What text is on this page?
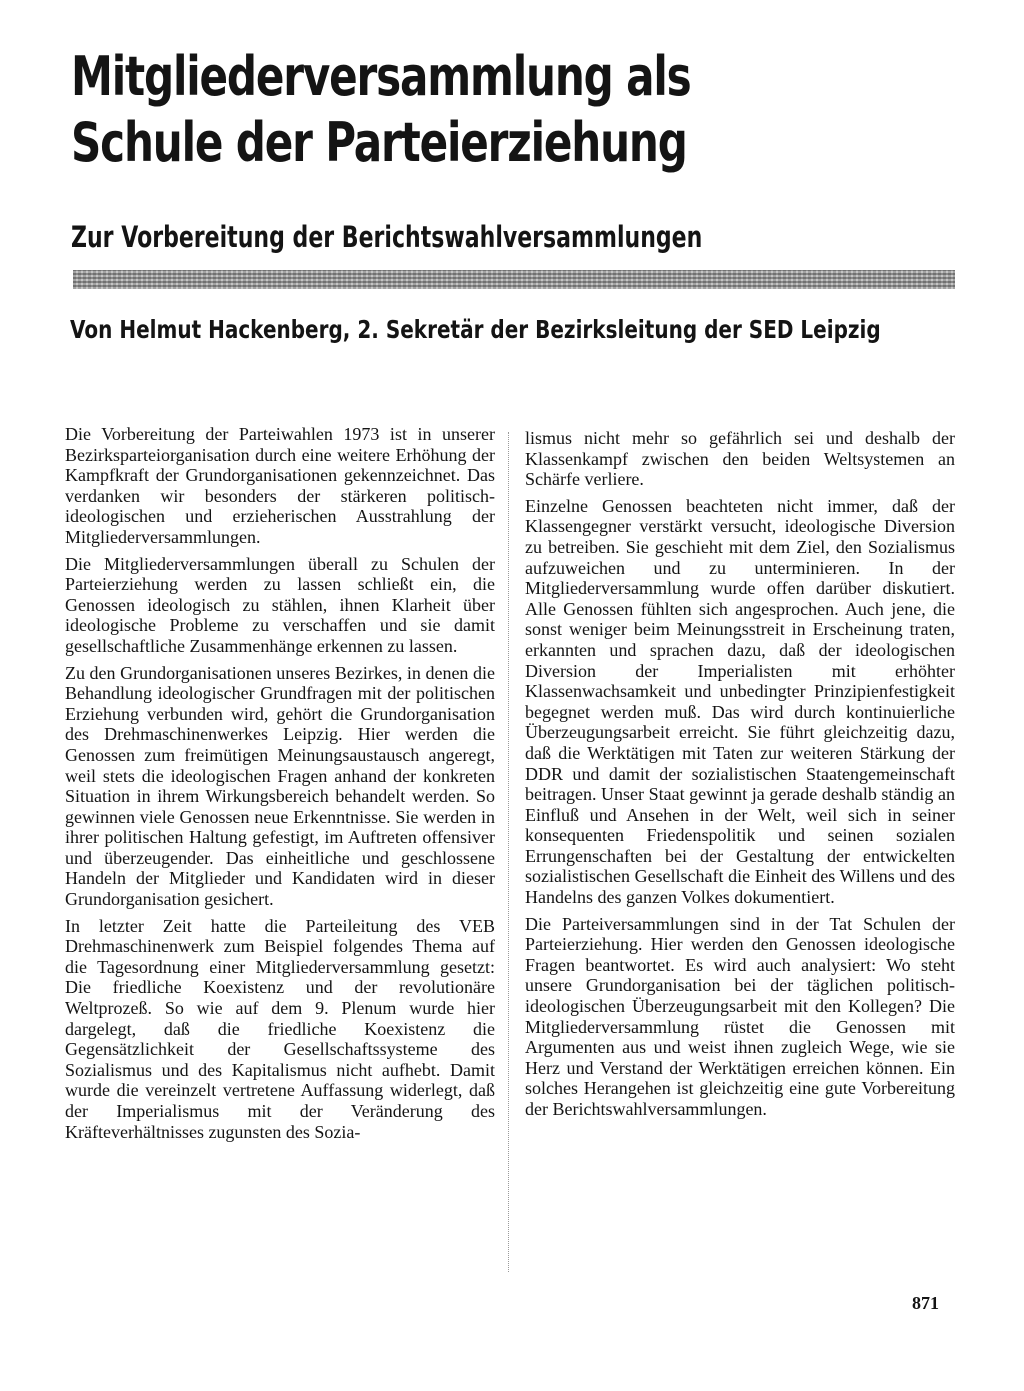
Mitgliederversammlung als
Schule der Parteierziehung
Zur Vorbereitung der Berichtswahlversammlungen
Von Helmut Hackenberg, 2. Sekretär der Bezirksleitung der SED Leipzig

Die Vorbereitung der Parteiwahlen 1973 ist in unserer Bezirksparteiorganisation durch eine weitere Erhöhung der Kampfkraft der Grundorganisationen gekennzeichnet. Das verdanken wir besonders der stärkeren politisch-ideologischen und erzieherischen Ausstrahlung der Mitgliederversammlungen.

Die Mitgliederversammlungen überall zu Schulen der Parteierziehung werden zu lassen schließt ein, die Genossen ideologisch zu stählen, ihnen Klarheit über ideologische Probleme zu verschaffen und sie damit gesellschaftliche Zusammenhänge erkennen zu lassen.

Zu den Grundorganisationen unseres Bezirkes, in denen die Behandlung ideologischer Grundfragen mit der politischen Erziehung verbunden wird, gehört die Grundorganisation des Drehmaschinenwerkes Leipzig. Hier werden die Genossen zum freimütigen Meinungsaustausch angeregt, weil stets die ideologischen Fragen anhand der konkreten Situation in ihrem Wirkungsbereich behandelt werden. So gewinnen viele Genossen neue Erkenntnisse. Sie werden in ihrer politischen Haltung gefestigt, im Auftreten offensiver und überzeugender. Das einheitliche und geschlossene Handeln der Mitglieder und Kandidaten wird in dieser Grundorganisation gesichert.

In letzter Zeit hatte die Parteileitung des VEB Drehmaschinenwerk zum Beispiel folgendes Thema auf die Tagesordnung einer Mitgliederversammlung gesetzt: Die friedliche Koexistenz und der revolutionäre Weltprozeß. So wie auf dem 9. Plenum wurde hier dargelegt, daß die friedliche Koexistenz die Gegensätzlichkeit der Gesellschaftssysteme des Sozialismus und des Kapitalismus nicht aufhebt. Damit wurde die vereinzelt vertretene Auffassung widerlegt, daß der Imperialismus mit der Veränderung des Kräfteverhältnisses zugunsten des Sozia-

lismus nicht mehr so gefährlich sei und deshalb der Klassenkampf zwischen den beiden Weltsystemen an Schärfe verliere.

Einzelne Genossen beachteten nicht immer, daß der Klassengegner verstärkt versucht, ideologische Diversion zu betreiben. Sie geschieht mit dem Ziel, den Sozialismus aufzuweichen und zu unterminieren. In der Mitgliederversammlung wurde offen darüber diskutiert. Alle Genossen fühlten sich angesprochen. Auch jene, die sonst weniger beim Meinungsstreit in Erscheinung traten, erkannten und sprachen dazu, daß der ideologischen Diversion der Imperialisten mit erhöhter Klassenwachsamkeit und unbedingter Prinzipienfestigkeit begegnet werden muß. Das wird durch kontinuierliche Überzeugungsarbeit erreicht. Sie führt gleichzeitig dazu, daß die Werktätigen mit Taten zur weiteren Stärkung der DDR und damit der sozialistischen Staatengemeinschaft beitragen. Unser Staat gewinnt ja gerade deshalb ständig an Einfluß und Ansehen in der Welt, weil sich in seiner konsequenten Friedenspolitik und seinen sozialen Errungenschaften bei der Gestaltung der entwickelten sozialistischen Gesellschaft die Einheit des Willens und des Handelns des ganzen Volkes dokumentiert.

Die Parteiversammlungen sind in der Tat Schulen der Parteierziehung. Hier werden den Genossen ideologische Fragen beantwortet. Es wird auch analysiert: Wo steht unsere Grundorganisation bei der täglichen politisch-ideologischen Überzeugungsarbeit mit den Kollegen? Die Mitgliederversammlung rüstet die Genossen mit Argumenten aus und weist ihnen zugleich Wege, wie sie Herz und Verstand der Werktätigen erreichen können. Ein solches Herangehen ist gleichzeitig eine gute Vorbereitung der Berichtswahlversammlungen.

871
